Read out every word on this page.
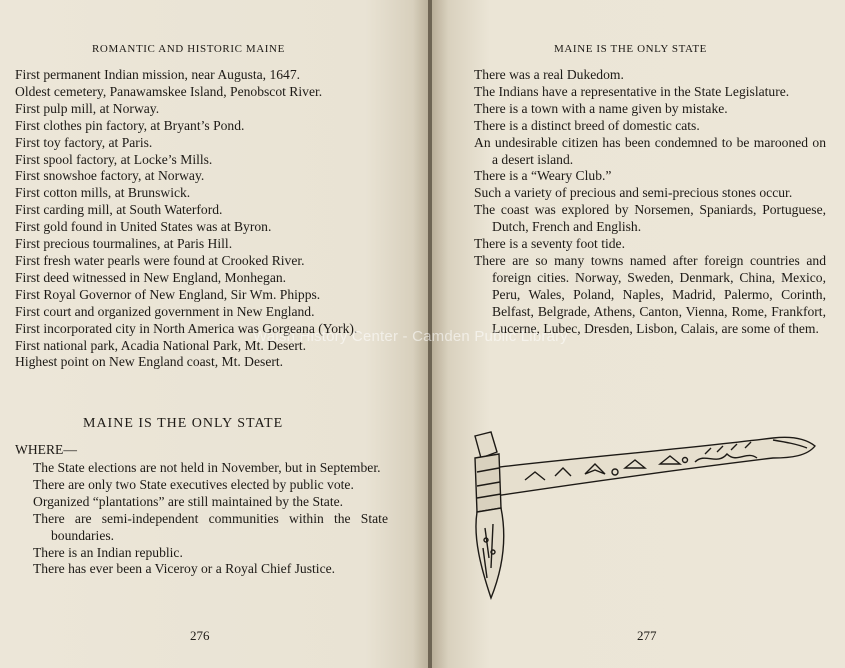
ROMANTIC AND HISTORIC MAINE
First permanent Indian mission, near Augusta, 1647.
Oldest cemetery, Panawamskee Island, Penobscot River.
First pulp mill, at Norway.
First clothes pin factory, at Bryant’s Pond.
First toy factory, at Paris.
First spool factory, at Locke’s Mills.
First snowshoe factory, at Norway.
First cotton mills, at Brunswick.
First carding mill, at South Waterford.
First gold found in United States was at Byron.
First precious tourmalines, at Paris Hill.
First fresh water pearls were found at Crooked River.
First deed witnessed in New England, Monhegan.
First Royal Governor of New England, Sir Wm. Phipps.
First court and organized government in New England.
First incorporated city in North America was Gorgeana (York).
First national park, Acadia National Park, Mt. Desert.
Highest point on New England coast, Mt. Desert.
MAINE IS THE ONLY STATE
WHERE—
The State elections are not held in November, but in September.
There are only two State executives elected by public vote.
Organized “plantations” are still maintained by the State.
There are semi-independent communities within the State boundaries.
There is an Indian republic.
There has ever been a Viceroy or a Royal Chief Justice.
276
MAINE IS THE ONLY STATE
There was a real Dukedom.
The Indians have a representative in the State Legislature.
There is a town with a name given by mistake.
There is a distinct breed of domestic cats.
An undesirable citizen has been condemned to be marooned on a desert island.
There is a “Weary Club.”
Such a variety of precious and semi-precious stones occur.
The coast was explored by Norsemen, Spaniards, Portuguese, Dutch, French and English.
There is a seventy foot tide.
There are so many towns named after foreign countries and foreign cities. Norway, Sweden, Denmark, China, Mexico, Peru, Wales, Poland, Naples, Madrid, Palermo, Corinth, Belfast, Belgrade, Athens, Canton, Vienna, Rome, Frankfort, Lucerne, Lubec, Dresden, Lisbon, Calais, are some of them.
277
Walsh History Center - Camden Public Library
